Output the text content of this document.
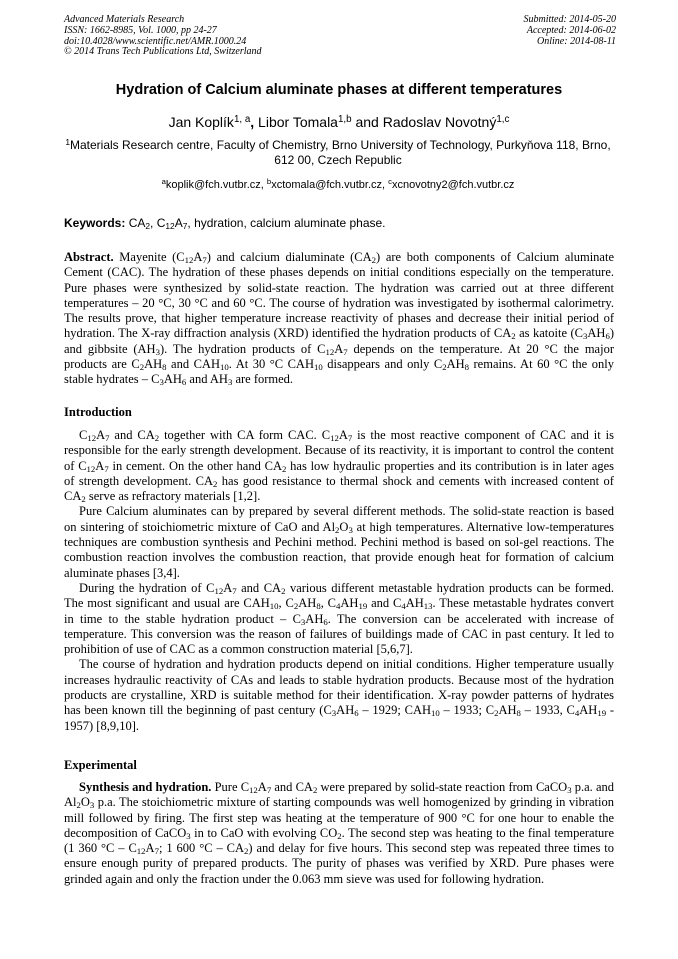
Advanced Materials Research
ISSN: 1662-8985, Vol. 1000, pp 24-27
doi:10.4028/www.scientific.net/AMR.1000.24
© 2014 Trans Tech Publications Ltd, Switzerland
Submitted: 2014-05-20
Accepted: 2014-06-02
Online: 2014-08-11
Hydration of Calcium aluminate phases at different temperatures
Jan Koplík$^{1, a}$, Libor Tomala$^{1,b}$ and Radoslav Novotný$^{1,c}$
$^1$Materials Research centre, Faculty of Chemistry, Brno University of Technology, Purkyňova 118, Brno, 612 00, Czech Republic
$^a$koplik@fch.vutbr.cz, $^b$xctomala@fch.vutbr.cz, $^c$xcnovotny2@fch.vutbr.cz
Keywords: $CA_2$, $C_{12}A_7$, hydration, calcium aluminate phase.

Abstract. Mayenite $(C_{12}A_7)$ and calcium dialuminate $(CA_2)$ are both components of Calcium aluminate Cement (CAC). The hydration of these phases depends on initial conditions especially on the temperature. Pure phases were synthesized by solid-state reaction. The hydration was carried out at three different temperatures – 20 °C, 30 °C and 60 °C. The course of hydration was investigated by isothermal calorimetry. The results prove, that higher temperature increase reactivity of phases and decrease their initial period of hydration. The X-ray diffraction analysis (XRD) identified the hydration products of $CA_2$ as katoite $(C_3AH_6)$ and gibbsite $(AH_3)$. The hydration products of $C_{12}A_7$ depends on the temperature. At 20 °C the major products are $C_2AH_8$ and $CAH_{10}$. At 30 °C $CAH_{10}$ disappears and only $C_2AH_8$ remains. At 60 °C the only stable hydrates – $C_3AH_6$ and $AH_3$ are formed.

Introduction

$C_{12}A_7$ and $CA_2$ together with CA form CAC. $C_{12}A_7$ is the most reactive component of CAC and it is responsible for the early strength development. Because of its reactivity, it is important to control the content of $C_{12}A_7$ in cement. On the other hand $CA_2$ has low hydraulic properties and its contribution is in later ages of strength development. $CA_2$ has good resistance to thermal shock and cements with increased content of $CA_2$ serve as refractory materials [1,2].

Pure Calcium aluminates can by prepared by several different methods. The solid-state reaction is based on sintering of stoichiometric mixture of CaO and $Al_2O_3$ at high temperatures. Alternative low-temperatures techniques are combustion synthesis and Pechini method. Pechini method is based on sol-gel reactions. The combustion reaction involves the combustion reaction, that provide enough heat for formation of calcium aluminate phases [3,4].

During the hydration of $C_{12}A_7$ and $CA_2$ various different metastable hydration products can be formed. The most significant and usual are $CAH_{10}$, $C_2AH_8$, $C_4AH_{19}$ and $C_4AH_{13}$. These metastable hydrates convert in time to the stable hydration product – $C_3AH_6$. The conversion can be accelerated with increase of temperature. This conversion was the reason of failures of buildings made of CAC in past century. It led to prohibition of use of CAC as a common construction material [5,6,7].

The course of hydration and hydration products depend on initial conditions. Higher temperature usually increases hydraulic reactivity of CAs and leads to stable hydration products. Because most of the hydration products are crystalline, XRD is suitable method for their identification. X-ray powder patterns of hydrates has been known till the beginning of past century ($C_3AH_6 - 1929$; $CAH_{10} - 1933$; $C_2AH_8 - 1933$, $C_4AH_{19} - 1957$) [8,9,10].

Experimental

Synthesis and hydration. Pure $C_{12}A_7$ and $CA_2$ were prepared by solid-state reaction from CaCO$_3$ p.a. and $Al_2O_3$ p.a. The stoichiometric mixture of starting compounds was well homogenized by grinding in vibration mill followed by firing. The first step was heating at the temperature of 900 °C for one hour to enable the decomposition of CaCO$_3$ in to CaO with evolving $CO_2$. The second step was heating to the final temperature (1 360 $^\circ C - C_{12}A_7$; 1 600 $^\circ C - CA_2$) and delay for five hours. This second step was repeated three times to ensure enough purity of prepared products. The purity of phases was verified by XRD. Pure phases were grinded again and only the fraction under the 0.063 mm sieve was used for following hydration.
